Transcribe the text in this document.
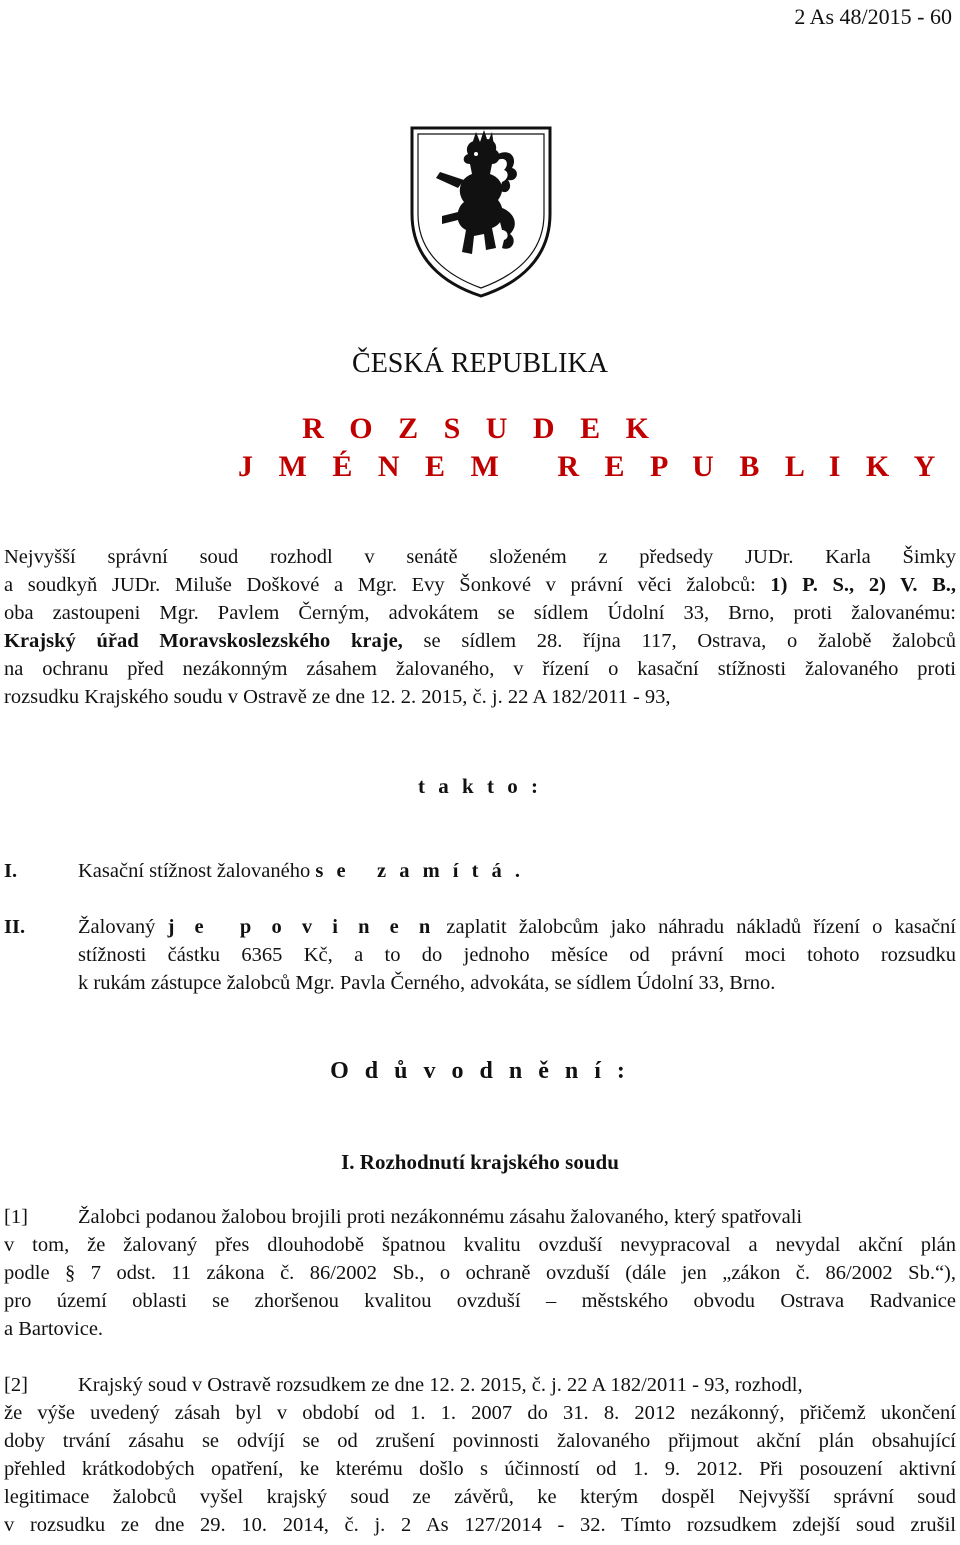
2 As 48/2015 - 60
ČESKÁ REPUBLIKA
R O Z S U D E K
J M É N E M   R E P U B L I K Y
Nejvyšší správní soud rozhodl v senátě složeném z předsedy JUDr. Karla Šimky
a soudkyň JUDr. Miluše Doškové a Mgr. Evy Šonkové v právní věci žalobců: 1) P. S., 2) V. B.,
oba zastoupeni Mgr. Pavlem Černým, advokátem se sídlem Údolní 33, Brno, proti žalovanému:
Krajský úřad Moravskoslezského kraje, se sídlem 28. října 117, Ostrava, o žalobě žalobců
na ochranu před nezákonným zásahem žalovaného, v řízení o kasační stížnosti žalovaného proti
rozsudku Krajského soudu v Ostravě ze dne 12. 2. 2015, č. j. 22 A 182/2011 - 93,
t a k t o :
I.	Kasační stížnost žalovaného s e   z a m í t á .
II.	Žalovaný j e  p o v i n e n zaplatit žalobcům jako náhradu nákladů řízení o kasační
stížnosti částku 6365 Kč, a to do jednoho měsíce od právní moci tohoto rozsudku
k rukám zástupce žalobců Mgr. Pavla Černého, advokáta, se sídlem Údolní 33, Brno.
O d ů v o d n ě n í :
I. Rozhodnutí krajského soudu
[1] Žalobci podanou žalobou brojili proti nezákonnému zásahu žalovaného, který spatřovali
v tom, že žalovaný přes dlouhodobě špatnou kvalitu ovzduší nevypracoval a nevydal akční plán
podle § 7 odst. 11 zákona č. 86/2002 Sb., o ochraně ovzduší (dále jen „zákon č. 86/2002 Sb.“),
pro území oblasti se zhoršenou kvalitou ovzduší – městského obvodu Ostrava Radvanice
a Bartovice.
[2] Krajský soud v Ostravě rozsudkem ze dne 12. 2. 2015, č. j. 22 A 182/2011 - 93, rozhodl,
že výše uvedený zásah byl v období od 1. 1. 2007 do 31. 8. 2012 nezákonný, přičemž ukončení
doby trvání zásahu se odvíjí se od zrušení povinnosti žalovaného přijmout akční plán obsahující
přehled krátkodobých opatření, ke kterému došlo s účinností od 1. 9. 2012. Při posouzení aktivní
legitimace žalobců vyšel krajský soud ze závěrů, ke kterým dospěl Nejvyšší správní soud
v rozsudku ze dne 29. 10. 2014, č. j. 2 As 127/2014 - 32. Tímto rozsudkem zdejší soud zrušil
